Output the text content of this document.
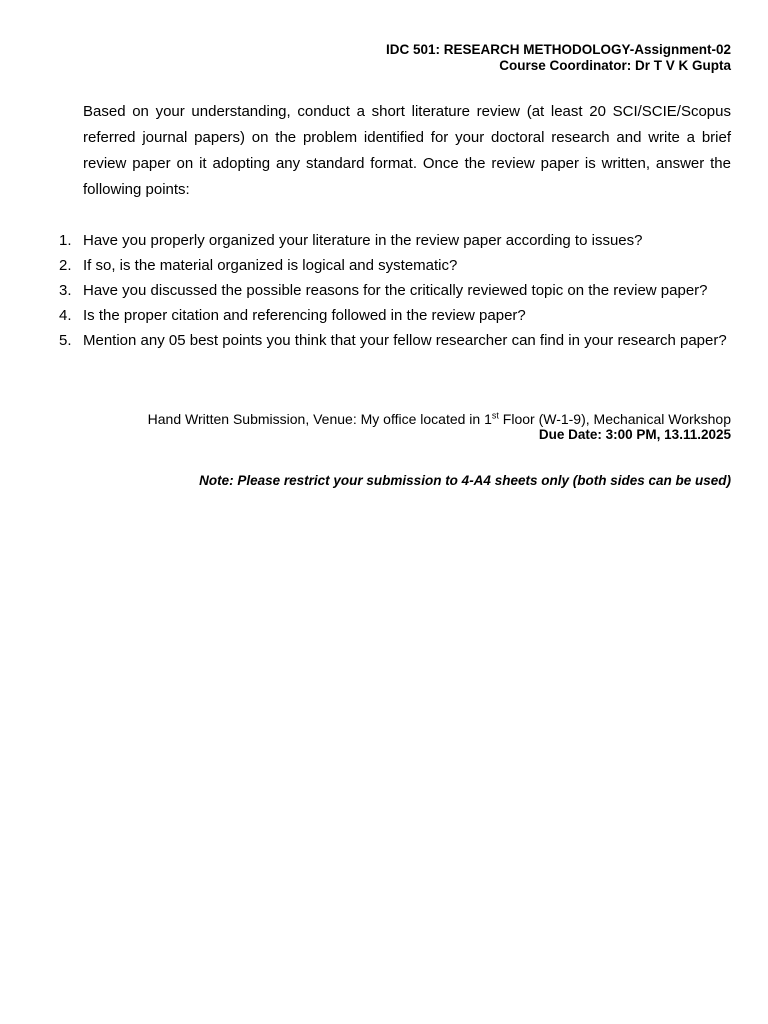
IDC 501: RESEARCH METHODOLOGY-Assignment-02
Course Coordinator: Dr T V K Gupta

Based on your understanding, conduct a short literature review (at least 20 SCI/SCIE/Scopus referred journal papers) on the problem identified for your doctoral research and write a brief review paper on it adopting any standard format. Once the review paper is written, answer the following points:

1. Have you properly organized your literature in the review paper according to issues?
2. If so, is the material organized is logical and systematic?
3. Have you discussed the possible reasons for the critically reviewed topic on the review paper?
4. Is the proper citation and referencing followed in the review paper?
5. Mention any 05 best points you think that your fellow researcher can find in your research paper?
Hand Written Submission, Venue: My office located in 1st Floor (W-1-9), Mechanical Workshop
Due Date: 3:00 PM, 13.11.2025
Note: Please restrict your submission to 4-A4 sheets only (both sides can be used)
